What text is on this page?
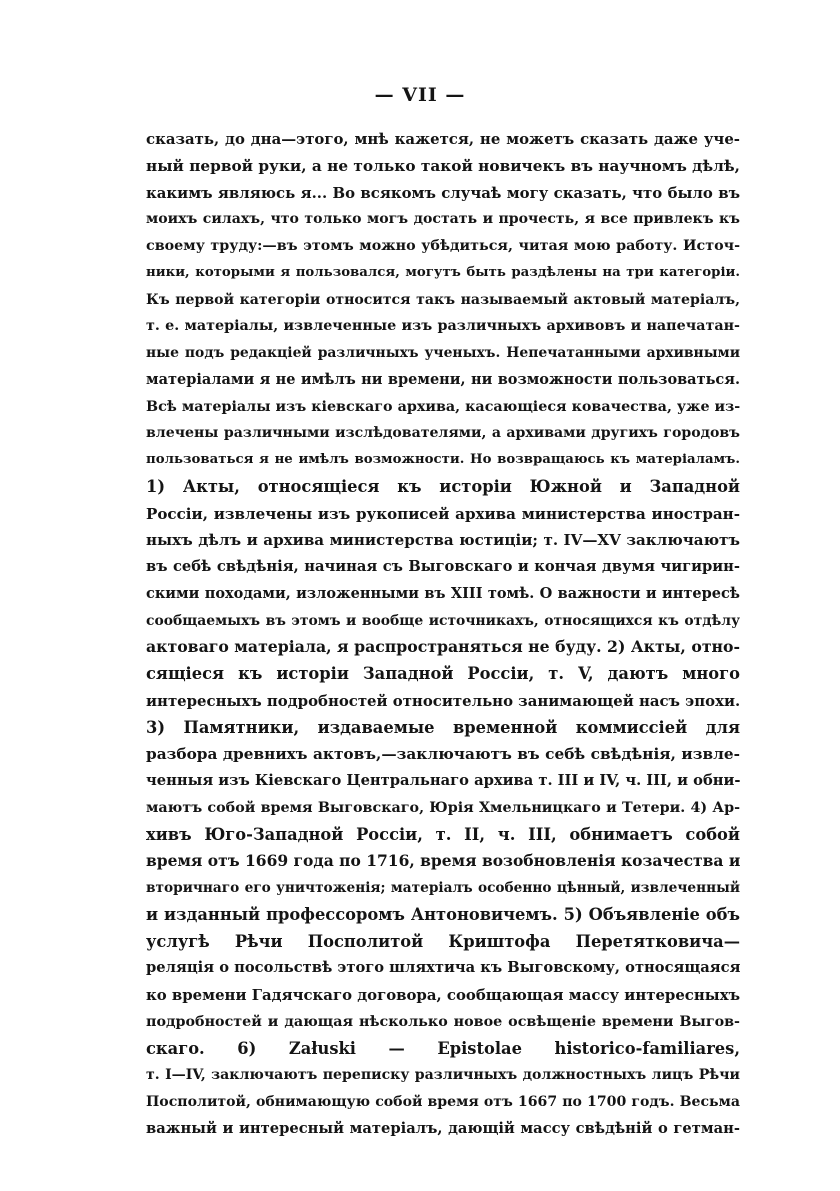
— VII —
сказать, до дна—этого, мнѣ кажется, не можетъ сказать даже уче-
ный первой руки, а не только такой новичекъ въ научномъ дѣлѣ,
какимъ являюсь я... Во всякомъ случаѣ могу сказать, что было въ
моихъ силахъ, что только могъ достать и прочесть, я все привлекъ къ
своему труду:—въ этомъ можно убѣдиться, читая мою работу. Источ-
ники, которыми я пользовался, могутъ быть раздѣлены на три категоріи.
Къ первой категоріи относится такъ называемый актовый матеріалъ,
т. е. матеріалы, извлеченные изъ различныхъ архивовъ и напечатан-
ные подъ редакціей различныхъ ученыхъ. Непечатанными архивными
матеріалами я не имѣлъ ни времени, ни возможности пользоваться.
Всѣ матеріалы изъ кіевскаго архива, касающіеся ковачества, уже из-
влечены различными изслѣдователями, а архивами другихъ городовъ
пользоваться я не имѣлъ возможности. Но возвращаюсь къ матеріаламъ.
1) Акты, относящіеся къ исторіи Южной и Западной
Россіи, извлечены изъ рукописей архива министерства иностран-
ныхъ дѣлъ и архива министерства юстиціи; т. IV—XV заключаютъ
въ себѣ свѣдѣнія, начиная съ Выговскаго и кончая двумя чигирин-
скими походами, изложенными въ XIII томѣ. О важности и интересѣ
сообщаемыхъ въ этомъ и вообще источникахъ, относящихся къ отдѣлу
актоваго матеріала, я распространяться не буду. 2) Акты, отно-
сящіеся къ исторіи Западной Россіи, т. V, даютъ много
интересныхъ подробностей относительно занимающей насъ эпохи.
3) Памятники, издаваемые временной коммиссіей для
разбора древнихъ актовъ,—заключаютъ въ себѣ свѣдѣнія, извле-
ченныя изъ Кіевскаго Центральнаго архива т. III и IV, ч. III, и обни-
маютъ собой время Выговскаго, Юрія Хмельницкаго и Тетери. 4) Ар-
хивъ Юго-Западной Россіи, т. II, ч. III, обнимаетъ собой
время отъ 1669 года по 1716, время возобновленія козачества и
вторичнаго его уничтоженія; матеріалъ особенно цѣнный, извлеченный
и изданный профессоромъ Антоновичемъ. 5) Объявленіе объ
услугѣ Рѣчи Посполитой Криштофа Перетятковича—
реляція о посольствѣ этого шляхтича къ Выговскому, относящаяся
ко времени Гадячскаго договора, сообщающая массу интересныхъ
подробностей и дающая нѣсколько новое освѣщеніе времени Выгов-
скаго. 6) Załuski — Epistolae historico-familiares,
т. I—IV, заключаютъ переписку различныхъ должностныхъ лицъ Рѣчи
Посполитой, обнимающую собой время отъ 1667 по 1700 годъ. Весьма
важный и интересный матеріалъ, дающій массу свѣдѣній о гетман-
